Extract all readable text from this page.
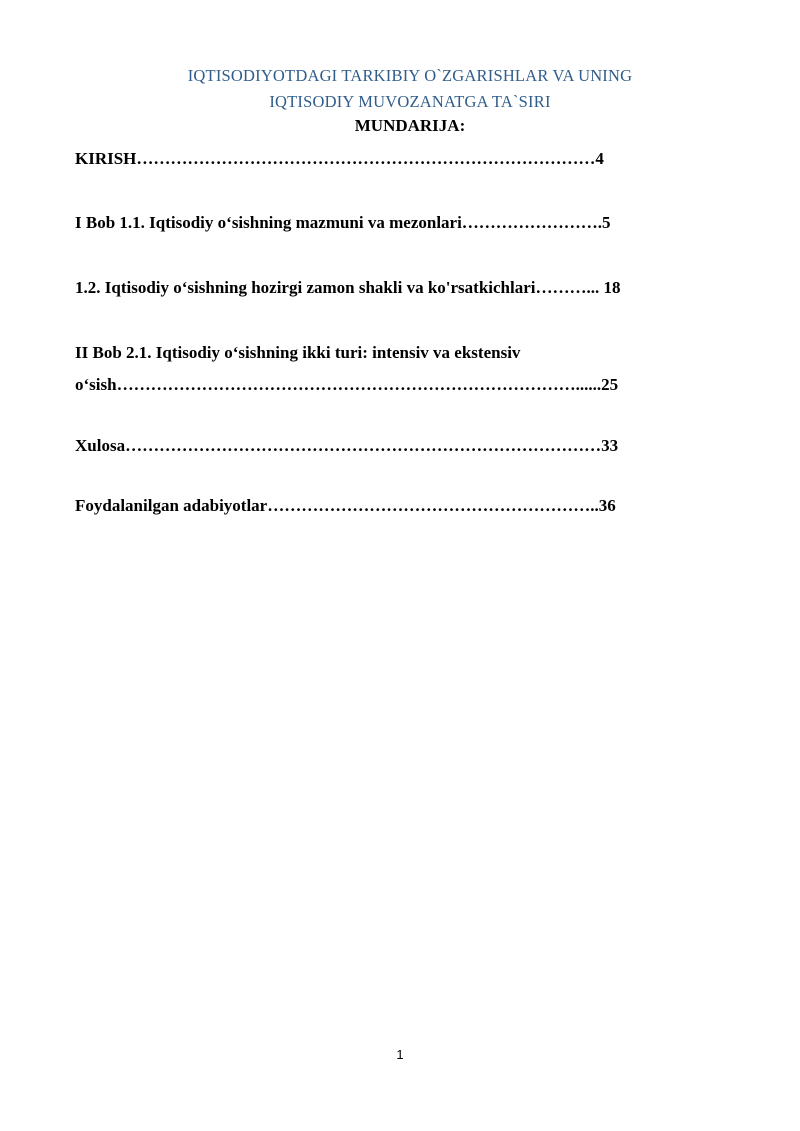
IQTISODIYOTDAGI TARKIBIY O`ZGARISHLAR VA UNING
IQTISODIY MUVOZANATGA TA`SIRI
MUNDARIJA:
KIRISH………………………………………………………………………4
I Bob 1.1. Iqtisodiy o‘sishning mazmuni va mezonlari…………………….5
1.2. Iqtisodiy o‘sishning hozirgi zamon shakli va ko'rsatkichlari………... 18
II Bob 2.1. Iqtisodiy o‘sishning ikki turi: intensiv va ekstensiv
o‘sish………………………………………………………………………......25
Xulosa…………………………………………………………………………33
Foydalanilgan adabiyotlar…………………………………………………..36
1
